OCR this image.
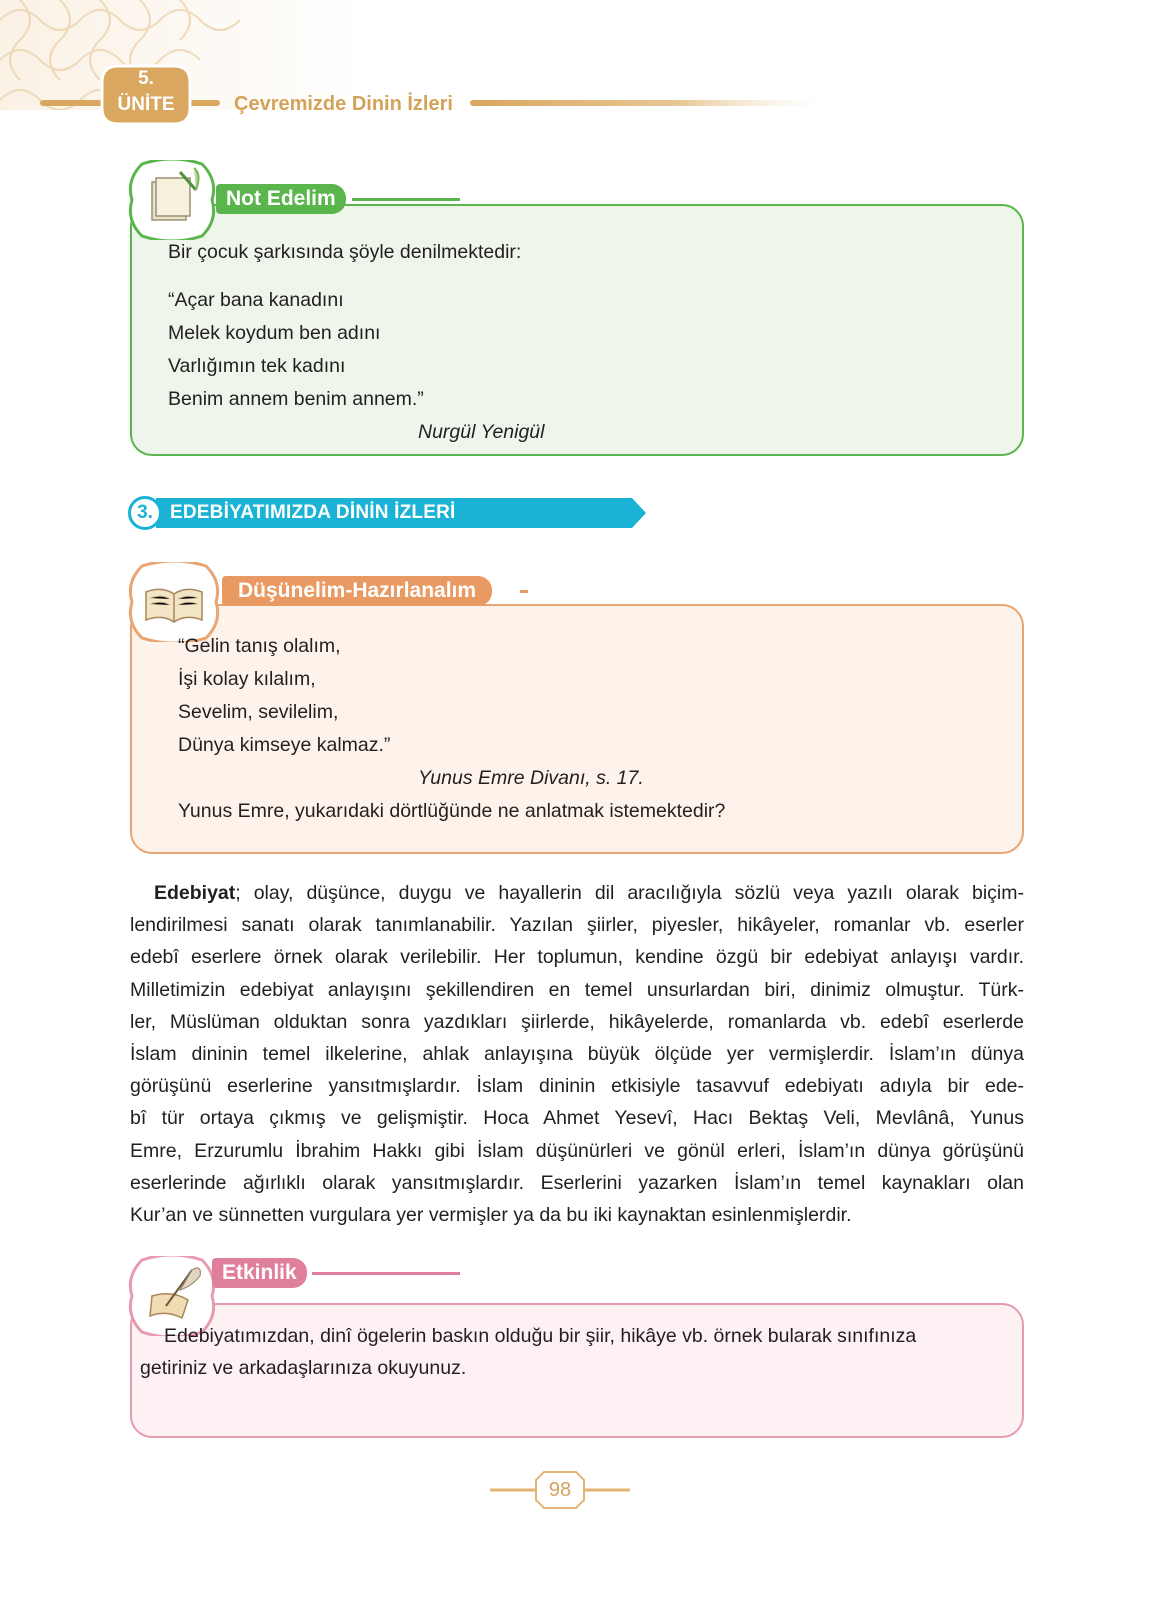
5.
ÜNİTE	Çevremizde Dinin İzleri
Not Edelim
Bir çocuk şarkısında şöyle denilmektedir:
“Açar bana kanadını
Melek koydum ben adını
Varlığımın tek kadını
Benim annem benim annem.”
Nurgül Yenigül
3. EDEBİYATIMIZDA DİNİN İZLERİ
Düşünelim-Hazırlanalım
“Gelin tanış olalım,
İşi kolay kılalım,
Sevelim, sevilelim,
Dünya kimseye kalmaz.”
Yunus Emre Divanı, s. 17.
Yunus Emre, yukarıdaki dörtlüğünde ne anlatmak istemektedir?
Edebiyat; olay, düşünce, duygu ve hayallerin dil aracılığıyla sözlü veya yazılı olarak biçim-
lendirilmesi sanatı olarak tanımlanabilir. Yazılan şiirler, piyesler, hikâyeler, romanlar vb. eserler
edebî eserlere örnek olarak verilebilir. Her toplumun, kendine özgü bir edebiyat anlayışı vardır.
Milletimizin edebiyat anlayışını şekillendiren en temel unsurlardan biri, dinimiz olmuştur. Türk-
ler, Müslüman olduktan sonra yazdıkları şiirlerde, hikâyelerde, romanlarda vb. edebî eserlerde
İslam dininin temel ilkelerine, ahlak anlayışına büyük ölçüde yer vermişlerdir. İslam’ın dünya
görüşünü eserlerine yansıtmışlardır. İslam dininin etkisiyle tasavvuf edebiyatı adıyla bir ede-
bî tür ortaya çıkmış ve gelişmiştir. Hoca Ahmet Yesevî, Hacı Bektaş Veli, Mevlânâ, Yunus
Emre, Erzurumlu İbrahim Hakkı gibi İslam düşünürleri ve gönül erleri, İslam’ın dünya görüşünü
eserlerinde ağırlıklı olarak yansıtmışlardır. Eserlerini yazarken İslam’ın temel kaynakları olan
Kur’an ve sünnetten vurgulara yer vermişler ya da bu iki kaynaktan esinlenmişlerdir.
Etkinlik
Edebiyatımızdan, dinî ögelerin baskın olduğu bir şiir, hikâye vb. örnek bularak sınıfınıza
getiriniz ve arkadaşlarınıza okuyunuz.
98
